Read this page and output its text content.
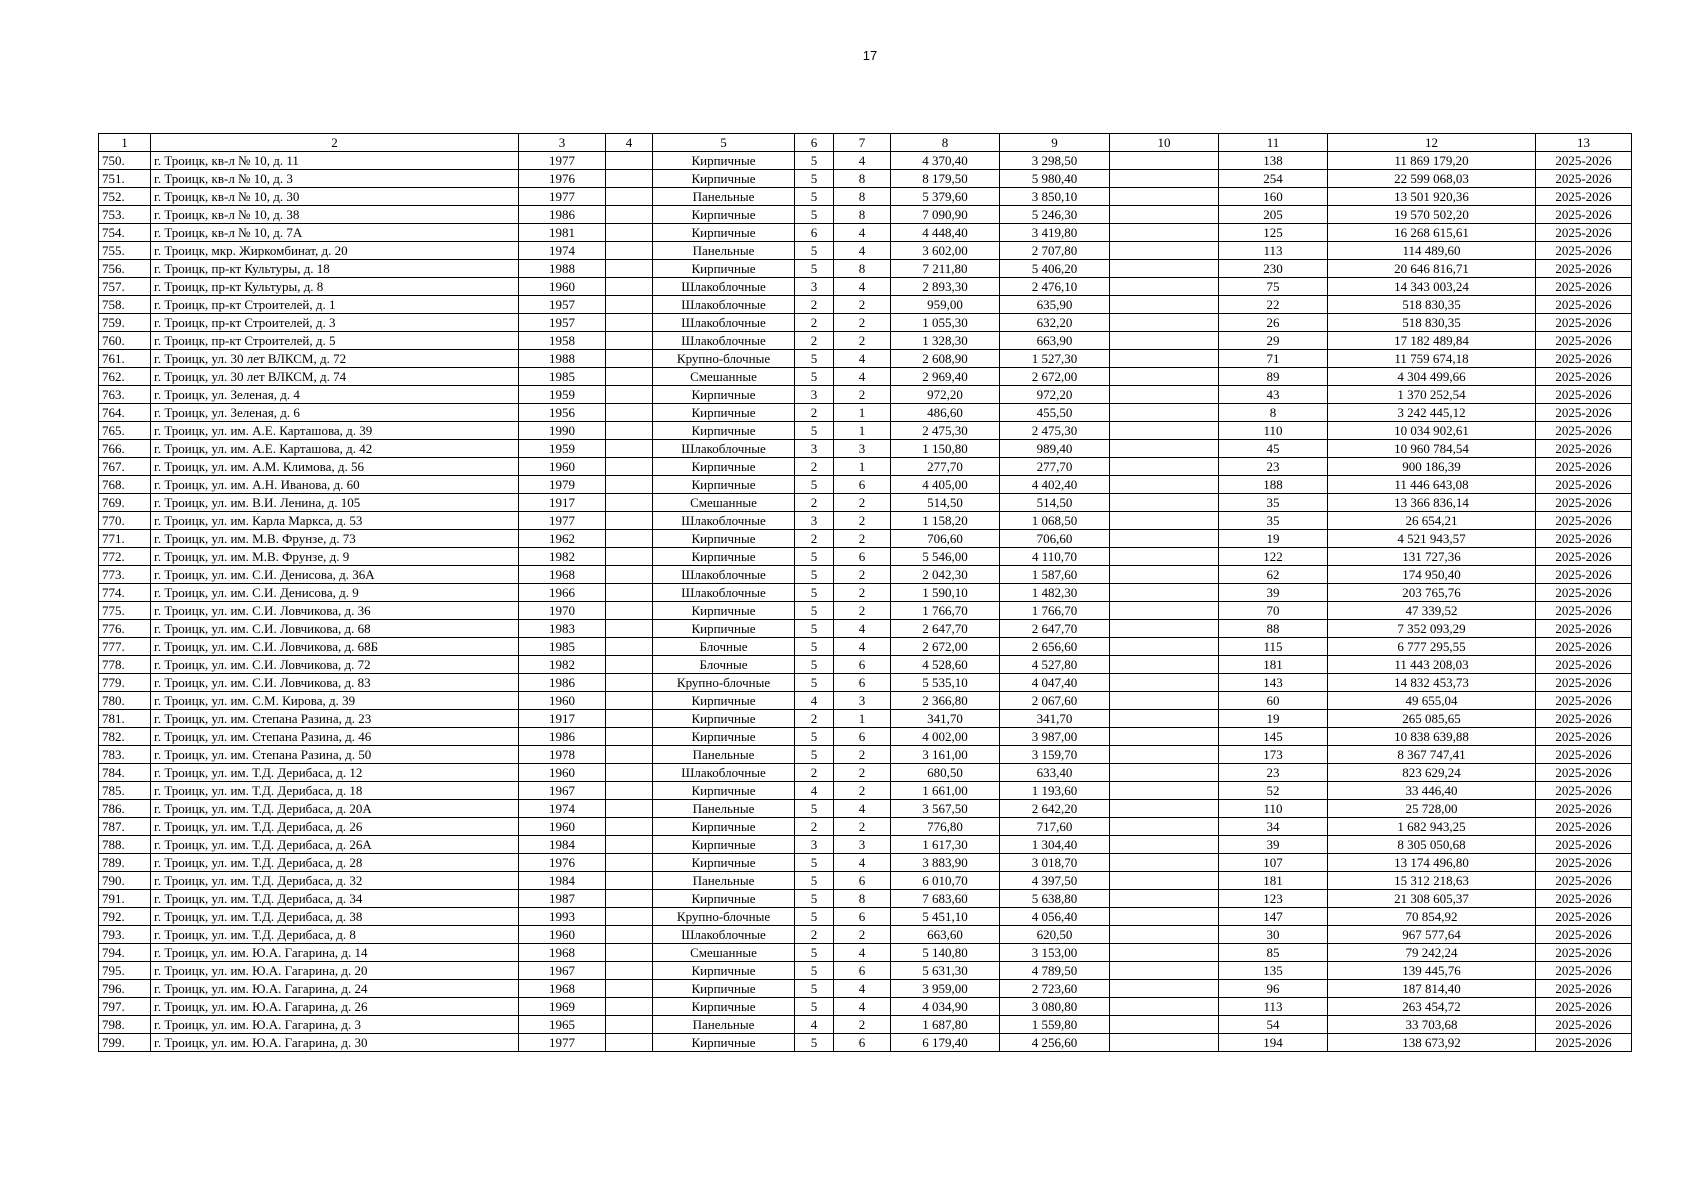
17
1	2	3	4	5	6	7	8	9	10	11	12	13
750.	г. Троицк, кв-л № 10, д. 11	1977		Кирпичные	5	4	4 370,40	3 298,50		138	11 869 179,20	2025-2026
751.	г. Троицк, кв-л № 10, д. 3	1976		Кирпичные	5	8	8 179,50	5 980,40		254	22 599 068,03	2025-2026
752.	г. Троицк, кв-л № 10, д. 30	1977		Панельные	5	8	5 379,60	3 850,10		160	13 501 920,36	2025-2026
753.	г. Троицк, кв-л № 10, д. 38	1986		Кирпичные	5	8	7 090,90	5 246,30		205	19 570 502,20	2025-2026
754.	г. Троицк, кв-л № 10, д. 7А	1981		Кирпичные	6	4	4 448,40	3 419,80		125	16 268 615,61	2025-2026
755.	г. Троицк, мкр. Жиркомбинат, д. 20	1974		Панельные	5	4	3 602,00	2 707,80		113	114 489,60	2025-2026
756.	г. Троицк, пр-кт Культуры, д. 18	1988		Кирпичные	5	8	7 211,80	5 406,20		230	20 646 816,71	2025-2026
757.	г. Троицк, пр-кт Культуры, д. 8	1960		Шлакоблочные	3	4	2 893,30	2 476,10		75	14 343 003,24	2025-2026
758.	г. Троицк, пр-кт Строителей, д. 1	1957		Шлакоблочные	2	2	959,00	635,90		22	518 830,35	2025-2026
759.	г. Троицк, пр-кт Строителей, д. 3	1957		Шлакоблочные	2	2	1 055,30	632,20		26	518 830,35	2025-2026
760.	г. Троицк, пр-кт Строителей, д. 5	1958		Шлакоблочные	2	2	1 328,30	663,90		29	17 182 489,84	2025-2026
761.	г. Троицк, ул. 30 лет ВЛКСМ, д. 72	1988		Крупно-блочные	5	4	2 608,90	1 527,30		71	11 759 674,18	2025-2026
762.	г. Троицк, ул. 30 лет ВЛКСМ, д. 74	1985		Смешанные	5	4	2 969,40	2 672,00		89	4 304 499,66	2025-2026
763.	г. Троицк, ул. Зеленая, д. 4	1959		Кирпичные	3	2	972,20	972,20		43	1 370 252,54	2025-2026
764.	г. Троицк, ул. Зеленая, д. 6	1956		Кирпичные	2	1	486,60	455,50		8	3 242 445,12	2025-2026
765.	г. Троицк, ул. им. А.Е. Карташова, д. 39	1990		Кирпичные	5	1	2 475,30	2 475,30		110	10 034 902,61	2025-2026
766.	г. Троицк, ул. им. А.Е. Карташова, д. 42	1959		Шлакоблочные	3	3	1 150,80	989,40		45	10 960 784,54	2025-2026
767.	г. Троицк, ул. им. А.М. Климова, д. 56	1960		Кирпичные	2	1	277,70	277,70		23	900 186,39	2025-2026
768.	г. Троицк, ул. им. А.Н. Иванова, д. 60	1979		Кирпичные	5	6	4 405,00	4 402,40		188	11 446 643,08	2025-2026
769.	г. Троицк, ул. им. В.И. Ленина, д. 105	1917		Смешанные	2	2	514,50	514,50		35	13 366 836,14	2025-2026
770.	г. Троицк, ул. им. Карла Маркса, д. 53	1977		Шлакоблочные	3	2	1 158,20	1 068,50		35	26 654,21	2025-2026
771.	г. Троицк, ул. им. М.В. Фрунзе, д. 73	1962		Кирпичные	2	2	706,60	706,60		19	4 521 943,57	2025-2026
772.	г. Троицк, ул. им. М.В. Фрунзе, д. 9	1982		Кирпичные	5	6	5 546,00	4 110,70		122	131 727,36	2025-2026
773.	г. Троицк, ул. им. С.И. Денисова, д. 36А	1968		Шлакоблочные	5	2	2 042,30	1 587,60		62	174 950,40	2025-2026
774.	г. Троицк, ул. им. С.И. Денисова, д. 9	1966		Шлакоблочные	5	2	1 590,10	1 482,30		39	203 765,76	2025-2026
775.	г. Троицк, ул. им. С.И. Ловчикова, д. 36	1970		Кирпичные	5	2	1 766,70	1 766,70		70	47 339,52	2025-2026
776.	г. Троицк, ул. им. С.И. Ловчикова, д. 68	1983		Кирпичные	5	4	2 647,70	2 647,70		88	7 352 093,29	2025-2026
777.	г. Троицк, ул. им. С.И. Ловчикова, д. 68Б	1985		Блочные	5	4	2 672,00	2 656,60		115	6 777 295,55	2025-2026
778.	г. Троицк, ул. им. С.И. Ловчикова, д. 72	1982		Блочные	5	6	4 528,60	4 527,80		181	11 443 208,03	2025-2026
779.	г. Троицк, ул. им. С.И. Ловчикова, д. 83	1986		Крупно-блочные	5	6	5 535,10	4 047,40		143	14 832 453,73	2025-2026
780.	г. Троицк, ул. им. С.М. Кирова, д. 39	1960		Кирпичные	4	3	2 366,80	2 067,60		60	49 655,04	2025-2026
781.	г. Троицк, ул. им. Степана Разина, д. 23	1917		Кирпичные	2	1	341,70	341,70		19	265 085,65	2025-2026
782.	г. Троицк, ул. им. Степана Разина, д. 46	1986		Кирпичные	5	6	4 002,00	3 987,00		145	10 838 639,88	2025-2026
783.	г. Троицк, ул. им. Степана Разина, д. 50	1978		Панельные	5	2	3 161,00	3 159,70		173	8 367 747,41	2025-2026
784.	г. Троицк, ул. им. Т.Д. Дерибаса, д. 12	1960		Шлакоблочные	2	2	680,50	633,40		23	823 629,24	2025-2026
785.	г. Троицк, ул. им. Т.Д. Дерибаса, д. 18	1967		Кирпичные	4	2	1 661,00	1 193,60		52	33 446,40	2025-2026
786.	г. Троицк, ул. им. Т.Д. Дерибаса, д. 20А	1974		Панельные	5	4	3 567,50	2 642,20		110	25 728,00	2025-2026
787.	г. Троицк, ул. им. Т.Д. Дерибаса, д. 26	1960		Кирпичные	2	2	776,80	717,60		34	1 682 943,25	2025-2026
788.	г. Троицк, ул. им. Т.Д. Дерибаса, д. 26А	1984		Кирпичные	3	3	1 617,30	1 304,40		39	8 305 050,68	2025-2026
789.	г. Троицк, ул. им. Т.Д. Дерибаса, д. 28	1976		Кирпичные	5	4	3 883,90	3 018,70		107	13 174 496,80	2025-2026
790.	г. Троицк, ул. им. Т.Д. Дерибаса, д. 32	1984		Панельные	5	6	6 010,70	4 397,50		181	15 312 218,63	2025-2026
791.	г. Троицк, ул. им. Т.Д. Дерибаса, д. 34	1987		Кирпичные	5	8	7 683,60	5 638,80		123	21 308 605,37	2025-2026
792.	г. Троицк, ул. им. Т.Д. Дерибаса, д. 38	1993		Крупно-блочные	5	6	5 451,10	4 056,40		147	70 854,92	2025-2026
793.	г. Троицк, ул. им. Т.Д. Дерибаса, д. 8	1960		Шлакоблочные	2	2	663,60	620,50		30	967 577,64	2025-2026
794.	г. Троицк, ул. им. Ю.А. Гагарина, д. 14	1968		Смешанные	5	4	5 140,80	3 153,00		85	79 242,24	2025-2026
795.	г. Троицк, ул. им. Ю.А. Гагарина, д. 20	1967		Кирпичные	5	6	5 631,30	4 789,50		135	139 445,76	2025-2026
796.	г. Троицк, ул. им. Ю.А. Гагарина, д. 24	1968		Кирпичные	5	4	3 959,00	2 723,60		96	187 814,40	2025-2026
797.	г. Троицк, ул. им. Ю.А. Гагарина, д. 26	1969		Кирпичные	5	4	4 034,90	3 080,80		113	263 454,72	2025-2026
798.	г. Троицк, ул. им. Ю.А. Гагарина, д. 3	1965		Панельные	4	2	1 687,80	1 559,80		54	33 703,68	2025-2026
799.	г. Троицк, ул. им. Ю.А. Гагарина, д. 30	1977		Кирпичные	5	6	6 179,40	4 256,60		194	138 673,92	2025-2026
